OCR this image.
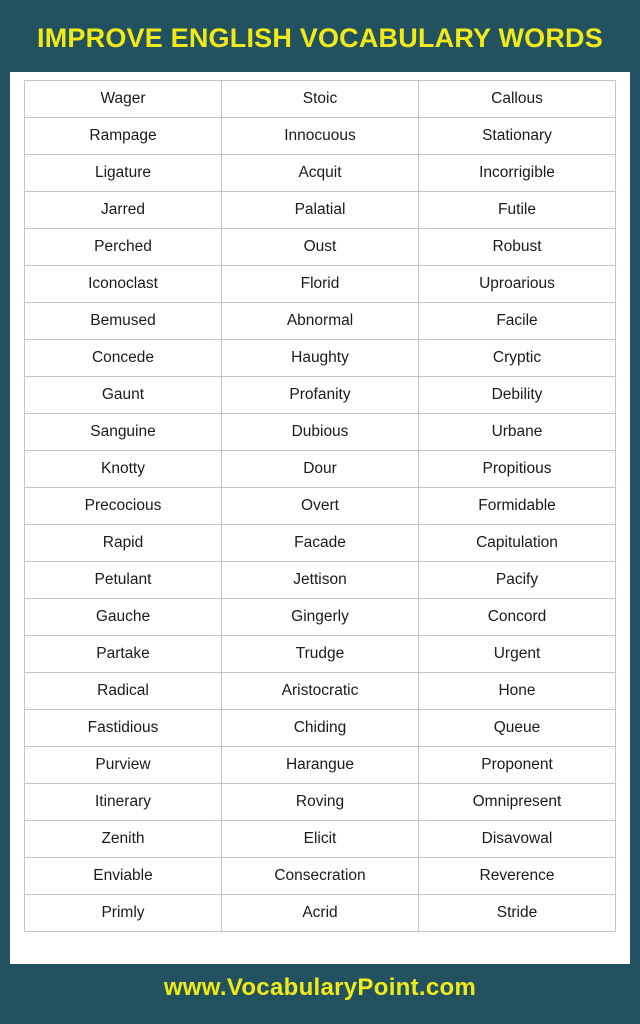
IMPROVE ENGLISH VOCABULARY WORDS
Wager	Stoic	Callous
Rampage	Innocuous	Stationary
Ligature	Acquit	Incorrigible
Jarred	Palatial	Futile
Perched	Oust	Robust
Iconoclast	Florid	Uproarious
Bemused	Abnormal	Facile
Concede	Haughty	Cryptic
Gaunt	Profanity	Debility
Sanguine	Dubious	Urbane
Knotty	Dour	Propitious
Precocious	Overt	Formidable
Rapid	Facade	Capitulation
Petulant	Jettison	Pacify
Gauche	Gingerly	Concord
Partake	Trudge	Urgent
Radical	Aristocratic	Hone
Fastidious	Chiding	Queue
Purview	Harangue	Proponent
Itinerary	Roving	Omnipresent
Zenith	Elicit	Disavowal
Enviable	Consecration	Reverence
Primly	Acrid	Stride
www.VocabularyPoint.com
